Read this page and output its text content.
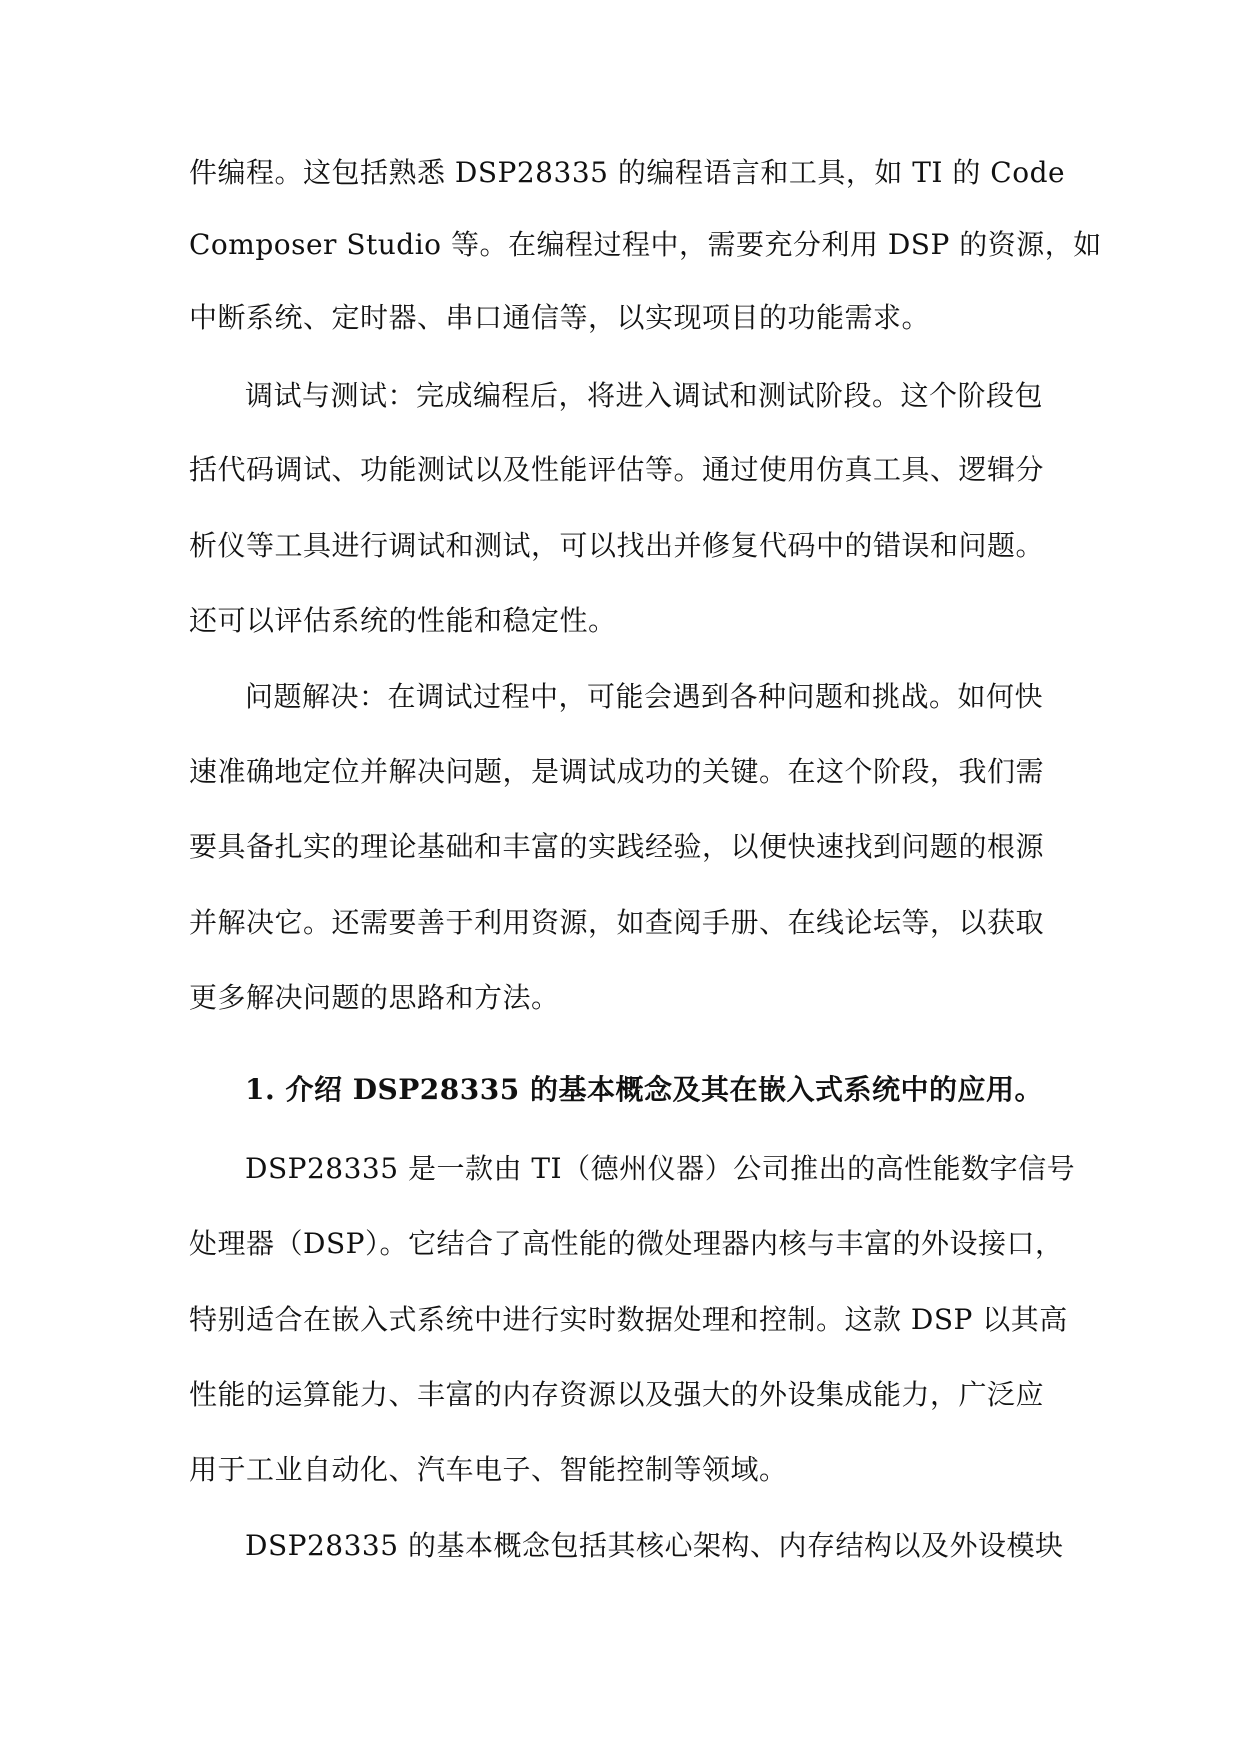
件编程。这包括熟悉 DSP28335 的编程语言和工具，如 TI 的 Code

Composer Studio 等。在编程过程中，需要充分利用 DSP 的资源，如

中断系统、定时器、串口通信等，以实现项目的功能需求。

调试与测试：完成编程后，将进入调试和测试阶段。这个阶段包

括代码调试、功能测试以及性能评估等。通过使用仿真工具、逻辑分

析仪等工具进行调试和测试，可以找出并修复代码中的错误和问题。

还可以评估系统的性能和稳定性。

问题解决：在调试过程中，可能会遇到各种问题和挑战。如何快

速准确地定位并解决问题，是调试成功的关键。在这个阶段，我们需

要具备扎实的理论基础和丰富的实践经验，以便快速找到问题的根源

并解决它。还需要善于利用资源，如查阅手册、在线论坛等，以获取

更多解决问题的思路和方法。

1. 介绍 DSP28335 的基本概念及其在嵌入式系统中的应用。

DSP28335 是一款由 TI（德州仪器）公司推出的高性能数字信号

处理器（DSP）。它结合了高性能的微处理器内核与丰富的外设接口，

特别适合在嵌入式系统中进行实时数据处理和控制。这款 DSP 以其高

性能的运算能力、丰富的内存资源以及强大的外设集成能力，广泛应

用于工业自动化、汽车电子、智能控制等领域。

DSP28335 的基本概念包括其核心架构、内存结构以及外设模块
